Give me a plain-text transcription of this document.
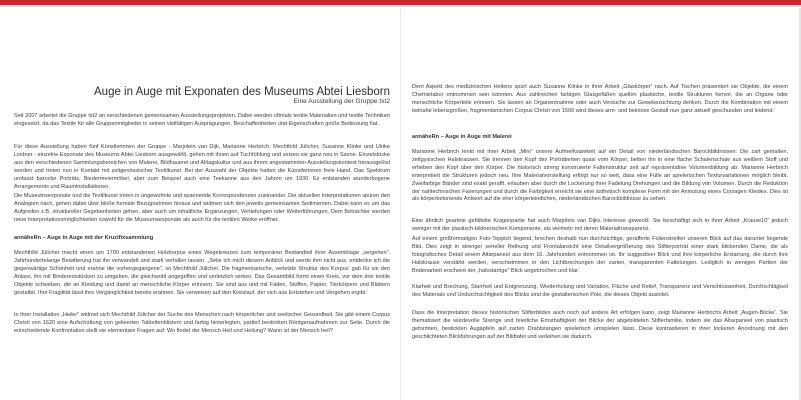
Auge in Auge mit Exponaten des Museums Abtei Liesborn
Eine Ausstellung der Gruppe txt2

Seit 2007 arbeitet die Gruppe txt2 an verschiedenen gemeinsamen Ausstellungsprojekten. Dabei werden oftmals textile Materialien und textile Techniken eingesetzt, da das Textile für alle Gruppenmitglieder in seinen vielfältigen Ausprägungen, Beschaffenheiten und Eigenschaften große Bedeutung hat.

Für diese Ausstellung haben fünf Künstlerinnen der Gruppe - Marjolein van Dijk, Marianne Herbrich, Mechthild Jülicher, Susanne Klinke und Ulrike Lindner - einzelne Exponate des Museums Abtei Liesborn ausgewählt, gehen mit ihnen auf Tuchfühlung und setzen sie ganz neu in Szene. Einzelstücke aus den verschiedenen Sammlungsbereichen von Malerei, Bildhauerei und Alltagskultur und aus ihrem angestammten Ausstellungskontext herausgelöst worden und treten nun in Kontakt mit zeitgenössischer Textilkunst. Bei der Auswahl der Objekte hatten die Künstlerinnen freie Hand. Das Spektrum umfasst barocke Porträts, Biedermeiermöbel, aber zum Beispiel auch eine Teekanne aus den Jahren um 1930. Es entstanden wunderbogene Arrangements und Rauminstallationen.

Die Museumsexponate und die Textilkunst treten in ungewohnte und spannende Korrespondenzen zueinander. Die aktuellen Interpretationen spüren den Analogien nach, gehen dabei über bloße formale Bezugnahmen hinaus und widmen sich den jeweils gemeinsamen Sedimenten. Dabei kann es um das Aufgreifen z.B. struktureller Gegebenheiten gehen, aber auch um inhaltliche Ergänzungen, Vertiefungen oder Weiterführungen. Dem Betrachter werden neue Interpretationsmöglichkeiten sowohl für die Museumsexponate als auch für die textilen Werke eröffnet.

annäheRn – Auge in Auge mit der Kruzifixsammlung

Mechthild Jülicher macht einen um 1700 entstandenen Holzkorpus eines Wegekreuzes zum temporären Bestandteil ihrer Assemblage „vergehen“. Jahrhundertelange Bewitterung hat ihn verwandelt und stark verfallen lassen. „Seile ich mich diesem Anblick und werde ihm nicht aus, entdecke ich die gegenwärtige Schönheit und erahne die vorhergegangene“, so Mechthild Jülicher. Die fragmentarische, verletzte Struktur des Korpus' gab für sie den Anlass, ihn mit Bindereststücken zu umgeben, die gleichwohl angegriffen und verletzlich wirken. Das Gesamtbild formt einen Kreis, vor dem drei textile Objekte schweben, die an Kleidung und damit an menschliche Körper erinnern. Sie sind aus und mit Fäden, Stoffen, Papier, Tierkörpern und Blättern gestaltet. Ihre Fragilität lässt ihre Vergänglichkeit bereits erahnen. Sie verweisen auf den Kreislauf, der sich aus Entstehen und Vergehen ergibt.

In ihrer Installation „Heiler“ widmet sich Mechthild Jülicher der Suche des Menschen nach körperlicher und seelischer Gesundheit. Sie gibt einem Corpus Christi von 1620 eine Aufschüttung von gelieerten Tablettenblistern und farbig hinterlegten, partiell bestickten Röntgenaufnahmen zur Seite. Durch die entscheidende Konfrontation stellt sie elementare Fragen auf: Wo findet der Mensch Heil und Heilung? Wann ist der Mensch heil?

Dem Aspekt des medizinischen Heilens spürt auch Susanne Klinke in ihrer Arbeit „Glaskörper“ nach. Auf Tischen präsentiert sie Objekte, die einem Chemielabor entnommen sein könnten. Aus zahlreichen farbigen Glasgefäßen quellen plastische, textile Strukturen hervor, die an Organe oder menschliche Körperteile erinnern. Sie lassen an Organentnahme oder auch Versuche zur Gewebezüchtung denken. Durch die Kombination mit einem beinahe lebensgroßen, fragmentarischen Corpus Christi von 1500 wird dieses arm- und beinlose Gestalt nun ganz aktuell geschunden und leidend.

annäheRn – Auge in Auge mit Malerei

Marianne Herbrich lenkt mit ihrer Arbeit „Mini“ unsere Aufmerksamkeit auf ein Detail von niederländischen Barockbildnissen: Die zart gemalten, zeitgysischen Halskrausen. Sie trennen den Kopf des Porträtierten quasi vom Körper, betten ihn in eine flache Schalenschale aus weißem Stoff und erheben den Kopf über den Körper. Die historisch streng konstruierte Faltenstruktur zeit auf repräsentative Volumenbildung ab. Marianne Herbrich interpretiert die Strukturen jedoch neu. Ihre Materialvorstellung erfolgt nur so weit, dass eine Fülle an spielerischen Texturvariationen möglich bleibt. Zweifarbige Bänder sind exakt gerafft, erlauben aber durch die Lockerung ihrer Fadelung Drehungen und die Bildung von Volumen. Durch die Reduktion der nahtechnischen Faserungen und durch die Farbigkeit erreicht sie eine ästhetisch komplexe Form mit der Anmutung eines Corsagen Kleides. Dies ist als körperbetonende Antwort auf die eher körperleindichen, niederländischen Barockbildnisse zu sehen.

Eine ähnlich geartete gefältelte Kragenpartie hat auch Marjolein van Dijks Interesse geweckt. Sie beschäftigt sich in ihrer Arbeit „Krause10“ jedoch weniger mit der plastisch-bildnerischen Komponente, als vielmehr mit deren Materialtransparenz.

Auf einem großformatigen Foto-Teppich liegend, brechen deshalb nun durchsichtige, gerafferte Folienstreifen unseren Blick auf das darunter liegende Bild. Dies zeigt in strenger serieller Reihung und Frontalansicht eine Detailvergrößerung des Stifterporträt einer stark blickenden Dame, die als fotografisches Detail einem Altarpaneel aus dem 16. Jahrhundert entnommen ist. Ihr suggestiver Blick und ihre körperliche Erstarrung, die durch ihre Halskrause verstärkt werden, verschwimmen in den Lichtbrechungen der zarten, transparenten Faltelungen. Lediglich in wenigen Partien der Bodenarbeit erscheint der „halsstarrige“ Blick ungebrochen und klar.

Klarheit und Brechung, Starrheit und Entgrenzung, Wiederholung und Variation, Fläche und Relief, Transparenz und Verschlossenheit, Durchschlägkeit des Materials und Undurchsichtigkeit des Blicks sind die gestalterischen Pole, die dieses Objekt auslotet.

Dass die Interpretation dieses historischen Stifterbildes auch noch auf andere Art erfolgen kann, zeigt Marianne Herbrichs Arbeit „Augen-Blicke“. Sie thematisiert die würdevolle Strenge und feierliche Ernsthaftigkeit der Blicke der abgebildeten Stifterfamilie, indem sie das Altarpaneel von plastisch geformten, bestickten Augäpfeln auf zarten Drahtstangen spielerisch umspielen lässt. Diese kontrastieren in ihrer lockeren Anordnung mit den geschlichteten Blickführungen auf der Bildtafel und verleihen sie dadurch.
